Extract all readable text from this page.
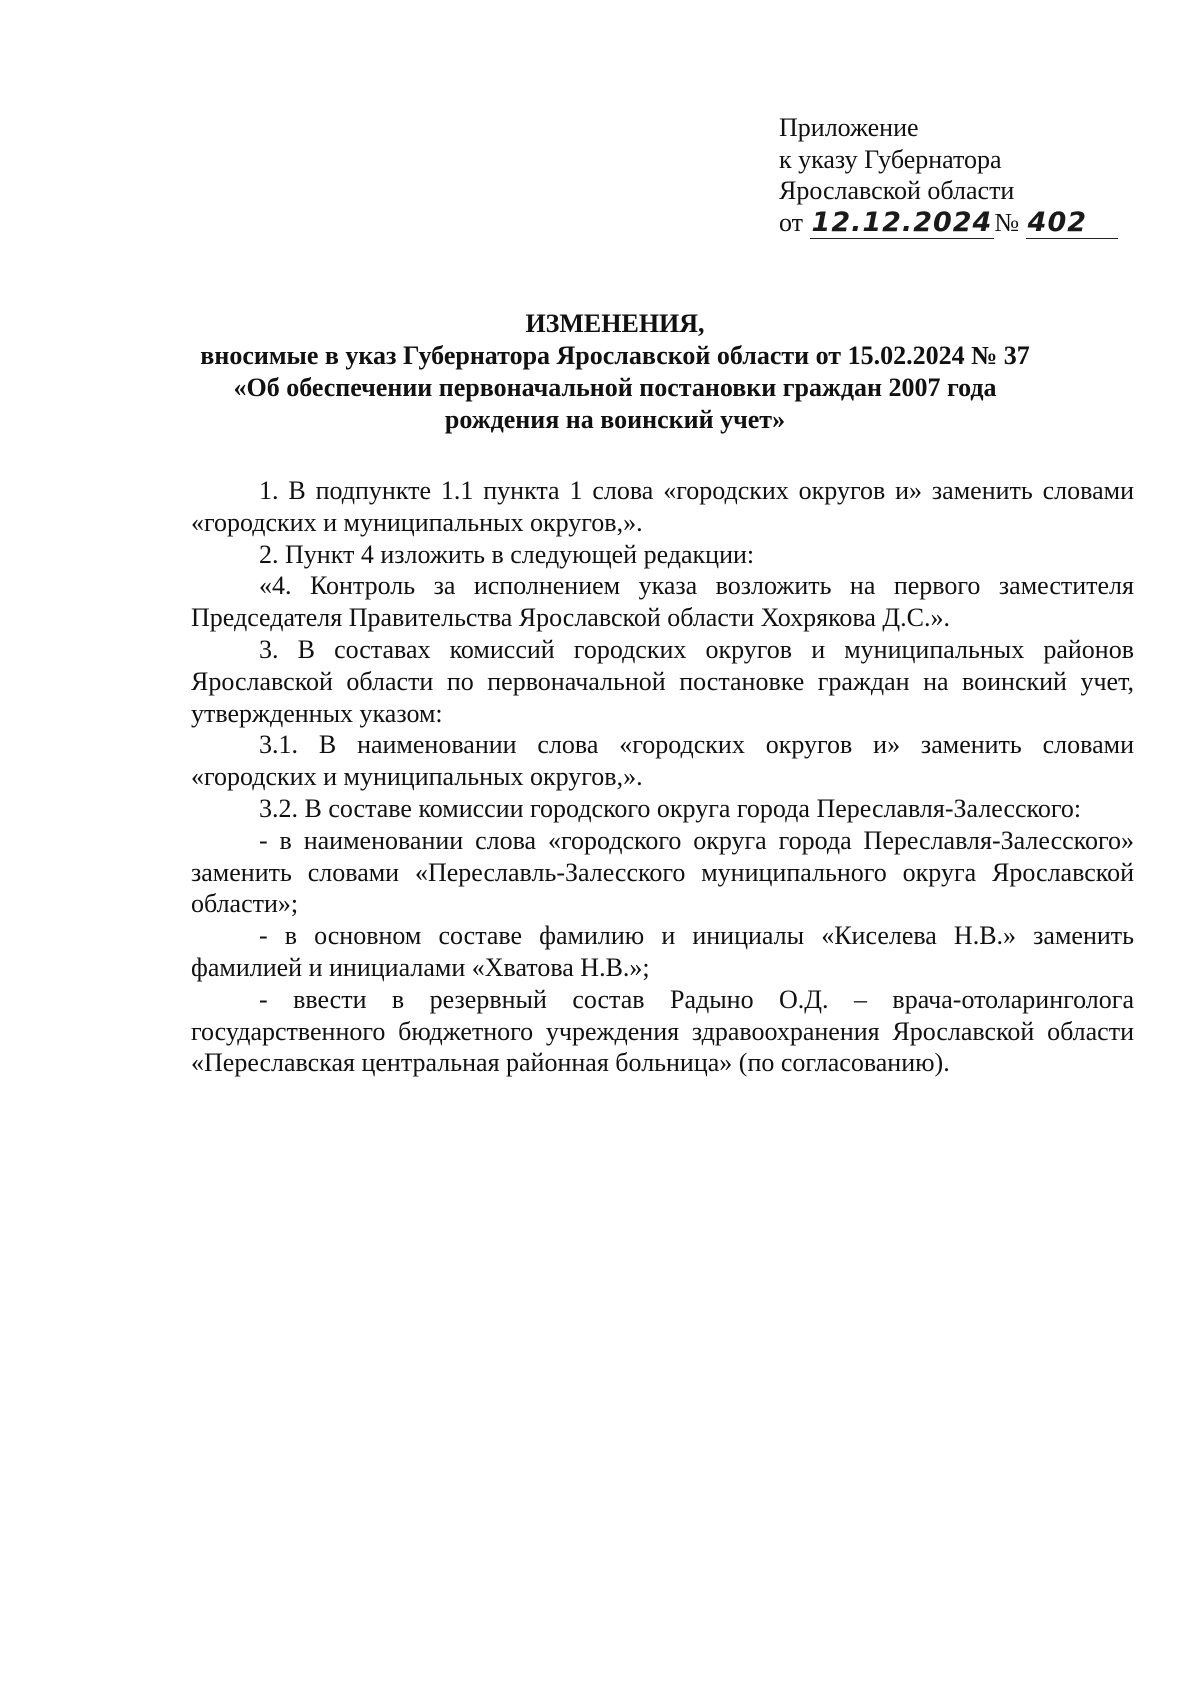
Приложение
к указу Губернатора
Ярославской области
от 12.12.2024№ 402
ИЗМЕНЕНИЯ,
вносимые в указ Губернатора Ярославской области от 15.02.2024 № 37
«Об обеспечении первоначальной постановки граждан 2007 года
рождения на воинский учет»

1. В подпункте 1.1 пункта 1 слова «городских округов и» заменить словами «городских и муниципальных округов,».

2. Пункт 4 изложить в следующей редакции:

«4. Контроль за исполнением указа возложить на первого заместителя Председателя Правительства Ярославской области Хохрякова Д.С.».

3. В составах комиссий городских округов и муниципальных районов Ярославской области по первоначальной постановке граждан на воинский учет, утвержденных указом:

3.1. В наименовании слова «городских округов и» заменить словами «городских и муниципальных округов,».

3.2. В составе комиссии городского округа города Переславля-Залесского:

- в наименовании слова «городского округа города Переславля-Залесского» заменить словами «Переславль-Залесского муниципального округа Ярославской области»;

- в основном составе фамилию и инициалы «Киселева Н.В.» заменить фамилией и инициалами «Хватова Н.В.»;

- ввести в резервный состав Радыно О.Д. – врача-отоларинголога государственного бюджетного учреждения здравоохранения Ярославской области «Переславская центральная районная больница» (по согласованию).
